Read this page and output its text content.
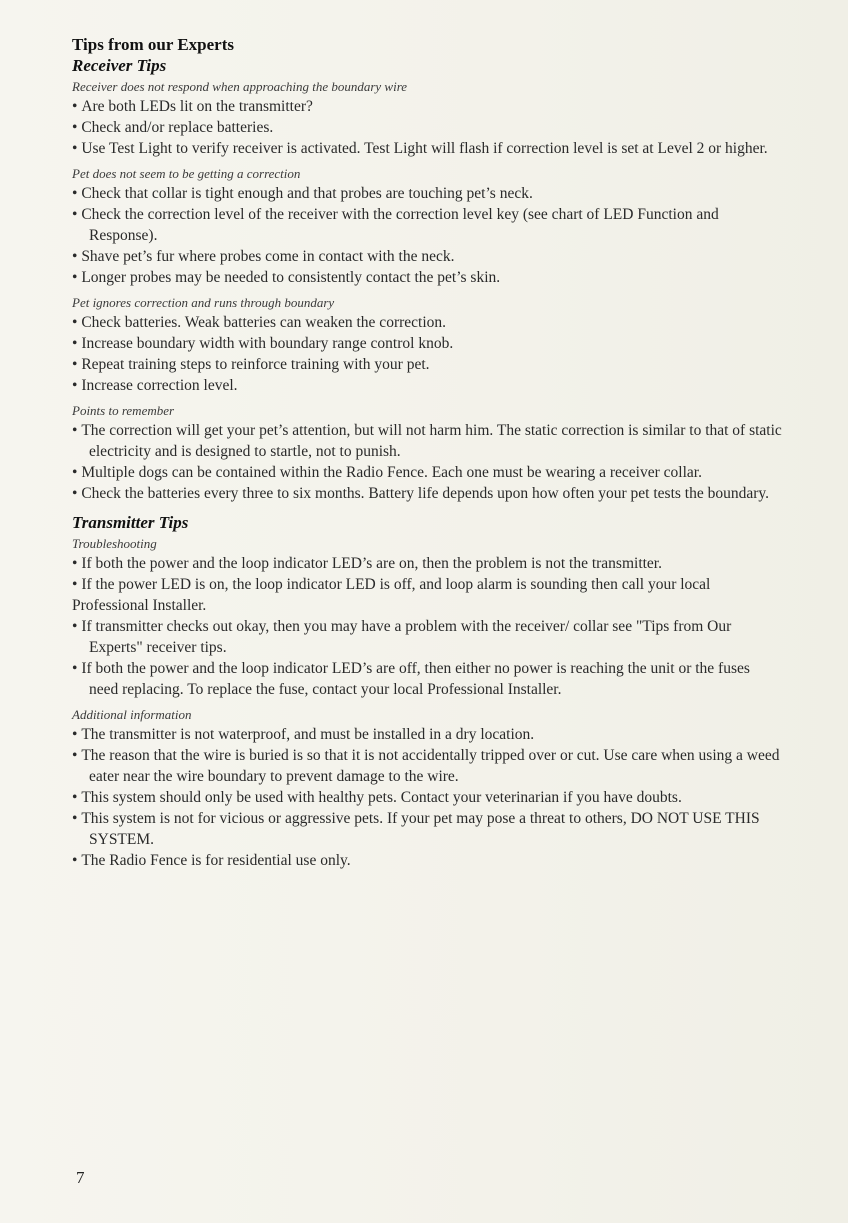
Tips from our Experts
Receiver Tips
Receiver does not respond when approaching the boundary wire
• Are both LEDs lit on the transmitter?
• Check and/or replace batteries.
• Use Test Light to verify receiver is activated. Test Light will flash if correction level is set at Level 2 or higher.
Pet does not seem to be getting a correction
• Check that collar is tight enough and that probes are touching pet’s neck.
• Check the correction level of the receiver with the correction level key (see chart of LED Function and Response).
• Shave pet’s fur where probes come in contact with the neck.
• Longer probes may be needed to consistently contact the pet’s skin.
Pet ignores correction and runs through boundary
• Check batteries. Weak batteries can weaken the correction.
• Increase boundary width with boundary range control knob.
• Repeat training steps to reinforce training with your pet.
• Increase correction level.
Points to remember
• The correction will get your pet’s attention, but will not harm him. The static correction is similar to that of static electricity and is designed to startle, not to punish.
• Multiple dogs can be contained within the Radio Fence. Each one must be wearing a receiver collar.
• Check the batteries every three to six months. Battery life depends upon how often your pet tests the boundary.
Transmitter Tips
Troubleshooting
• If both the power and the loop indicator LED’s are on, then the problem is not the transmitter.
• If the power LED is on, the loop indicator LED is off, and loop alarm is sounding then call your local Professional Installer.
• If transmitter checks out okay, then you may have a problem with the receiver/ collar see "Tips from Our Experts" receiver tips.
• If both the power and the loop indicator LED’s are off, then either no power is reaching the unit or the fuses need replacing. To replace the fuse, contact your local Professional Installer.
Additional information
• The transmitter is not waterproof, and must be installed in a dry location.
• The reason that the wire is buried is so that it is not accidentally tripped over or cut. Use care when using a weed eater near the wire boundary to prevent damage to the wire.
• This system should only be used with healthy pets. Contact your veterinarian if you have doubts.
• This system is not for vicious or aggressive pets. If your pet may pose a threat to others, DO NOT USE THIS SYSTEM.
• The Radio Fence is for residential use only.
7
